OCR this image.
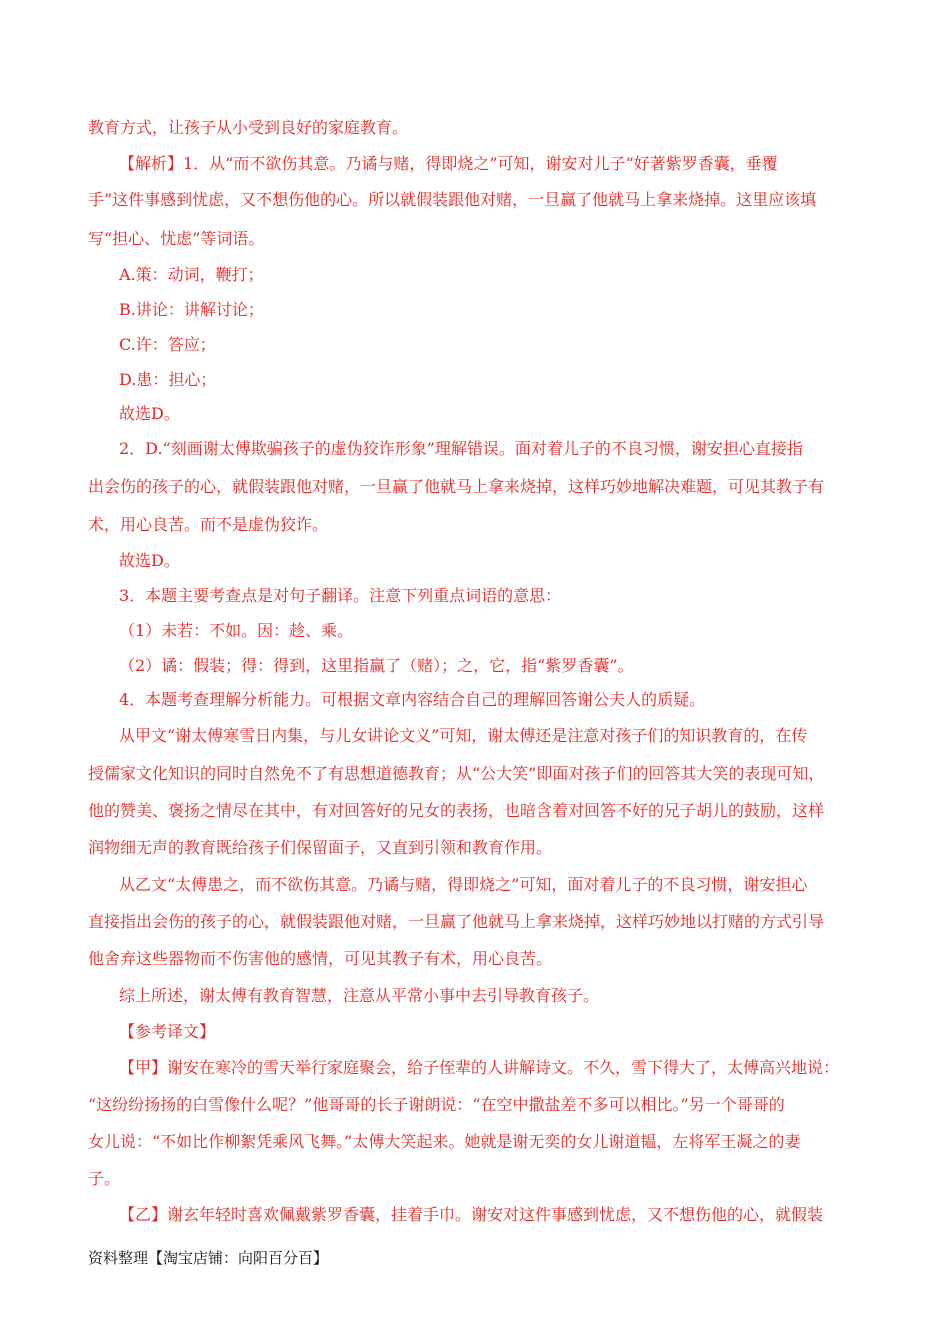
教育方式，让孩子从小受到良好的家庭教育。
【解析】1．从“而不欲伤其意。乃谲与赌，得即烧之”可知，谢安对儿子“好著紫罗香囊，垂覆
手”这件事感到忧虑，又不想伤他的心。所以就假装跟他对赌，一旦赢了他就马上拿来烧掉。这里应该填
写“担心、忧虑”等词语。
A.策：动词，鞭打；
B.讲论：讲解讨论；
C.许：答应；
D.患：担心；
故选D。
2．D.“刻画谢太傅欺骗孩子的虚伪狡诈形象”理解错误。面对着儿子的不良习惯，谢安担心直接指
出会伤的孩子的心，就假装跟他对赌，一旦赢了他就马上拿来烧掉，这样巧妙地解决难题，可见其教子有
术，用心良苦。而不是虚伪狡诈。
故选D。
3．本题主要考查点是对句子翻译。注意下列重点词语的意思：
（1）未若：不如。因：趁、乘。
（2）谲：假装；得：得到，这里指赢了（赌）；之，它，指“紫罗香囊”。
4．本题考查理解分析能力。可根据文章内容结合自己的理解回答谢公夫人的质疑。
从甲文“谢太傅寒雪日内集，与儿女讲论文义”可知，谢太傅还是注意对孩子们的知识教育的，在传
授儒家文化知识的同时自然免不了有思想道德教育；从“公大笑”即面对孩子们的回答其大笑的表现可知，
他的赞美、褒扬之情尽在其中，有对回答好的兄女的表扬，也暗含着对回答不好的兄子胡儿的鼓励，这样
润物细无声的教育既给孩子们保留面子，又直到引领和教育作用。
从乙文“太傅患之，而不欲伤其意。乃谲与赌，得即烧之”可知，面对着儿子的不良习惯，谢安担心
直接指出会伤的孩子的心，就假装跟他对赌，一旦赢了他就马上拿来烧掉，这样巧妙地以打赌的方式引导
他舍弃这些器物而不伤害他的感情，可见其教子有术，用心良苦。
综上所述，谢太傅有教育智慧，注意从平常小事中去引导教育孩子。
【参考译文】
【甲】谢安在寒冷的雪天举行家庭聚会，给子侄辈的人讲解诗文。不久，雪下得大了，太傅高兴地说：
“这纷纷扬扬的白雪像什么呢？”他哥哥的长子谢朗说：“在空中撒盐差不多可以相比。”另一个哥哥的
女儿说：“不如比作柳絮凭乘风飞舞。”太傅大笑起来。她就是谢无奕的女儿谢道韫，左将军王凝之的妻
子。
【乙】谢玄年轻时喜欢佩戴紫罗香囊，挂着手巾。谢安对这件事感到忧虑，又不想伤他的心，就假装
资料整理【淘宝店铺：向阳百分百】
